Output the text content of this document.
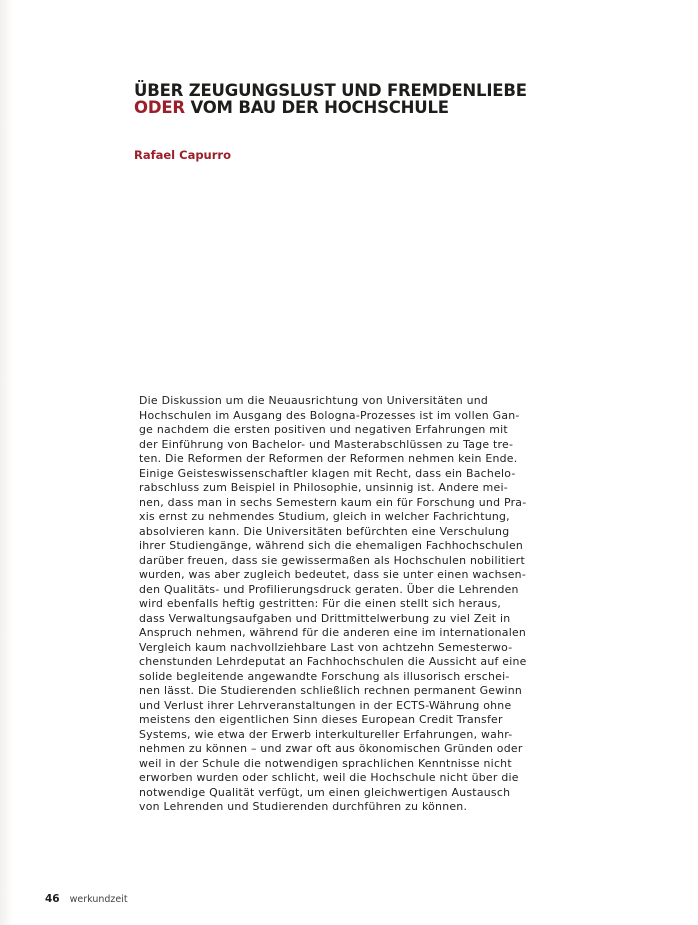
ÜBER ZEUGUNGSLUST UND FREMDENLIEBE
ODER VOM BAU DER HOCHSCHULE
Rafael Capurro
Die Diskussion um die Neuausrichtung von Universitäten und
Hochschulen im Ausgang des Bologna-Prozesses ist im vollen Gan-
ge nachdem die ersten positiven und negativen Erfahrungen mit
der Einführung von Bachelor- und Masterabschlüssen zu Tage tre-
ten. Die Reformen der Reformen der Reformen nehmen kein Ende.
Einige Geisteswissenschaftler klagen mit Recht, dass ein Bachelo-
rabschluss zum Beispiel in Philosophie, unsinnig ist. Andere mei-
nen, dass man in sechs Semestern kaum ein für Forschung und Pra-
xis ernst zu nehmendes Studium, gleich in welcher Fachrichtung,
absolvieren kann. Die Universitäten befürchten eine Verschulung
ihrer Studiengänge, während sich die ehemaligen Fachhochschulen
darüber freuen, dass sie gewissermaßen als Hochschulen nobilitiert
wurden, was aber zugleich bedeutet, dass sie unter einen wachsen-
den Qualitäts- und Profilierungsdruck geraten. Über die Lehrenden
wird ebenfalls heftig gestritten: Für die einen stellt sich heraus,
dass Verwaltungsaufgaben und Drittmittelwerbung zu viel Zeit in
Anspruch nehmen, während für die anderen eine im internationalen
Vergleich kaum nachvollziehbare Last von achtzehn Semesterwo-
chenstunden Lehrdeputat an Fachhochschulen die Aussicht auf eine
solide begleitende angewandte Forschung als illusorisch erschei-
nen lässt. Die Studierenden schließlich rechnen permanent Gewinn
und Verlust ihrer Lehrveranstaltungen in der ECTS-Währung ohne
meistens den eigentlichen Sinn dieses European Credit Transfer
Systems, wie etwa der Erwerb interkultureller Erfahrungen, wahr-
nehmen zu können – und zwar oft aus ökonomischen Gründen oder
weil in der Schule die notwendigen sprachlichen Kenntnisse nicht
erworben wurden oder schlicht, weil die Hochschule nicht über die
notwendige Qualität verfügt, um einen gleichwertigen Austausch
von Lehrenden und Studierenden durchführen zu können.
46 werkundzeit
